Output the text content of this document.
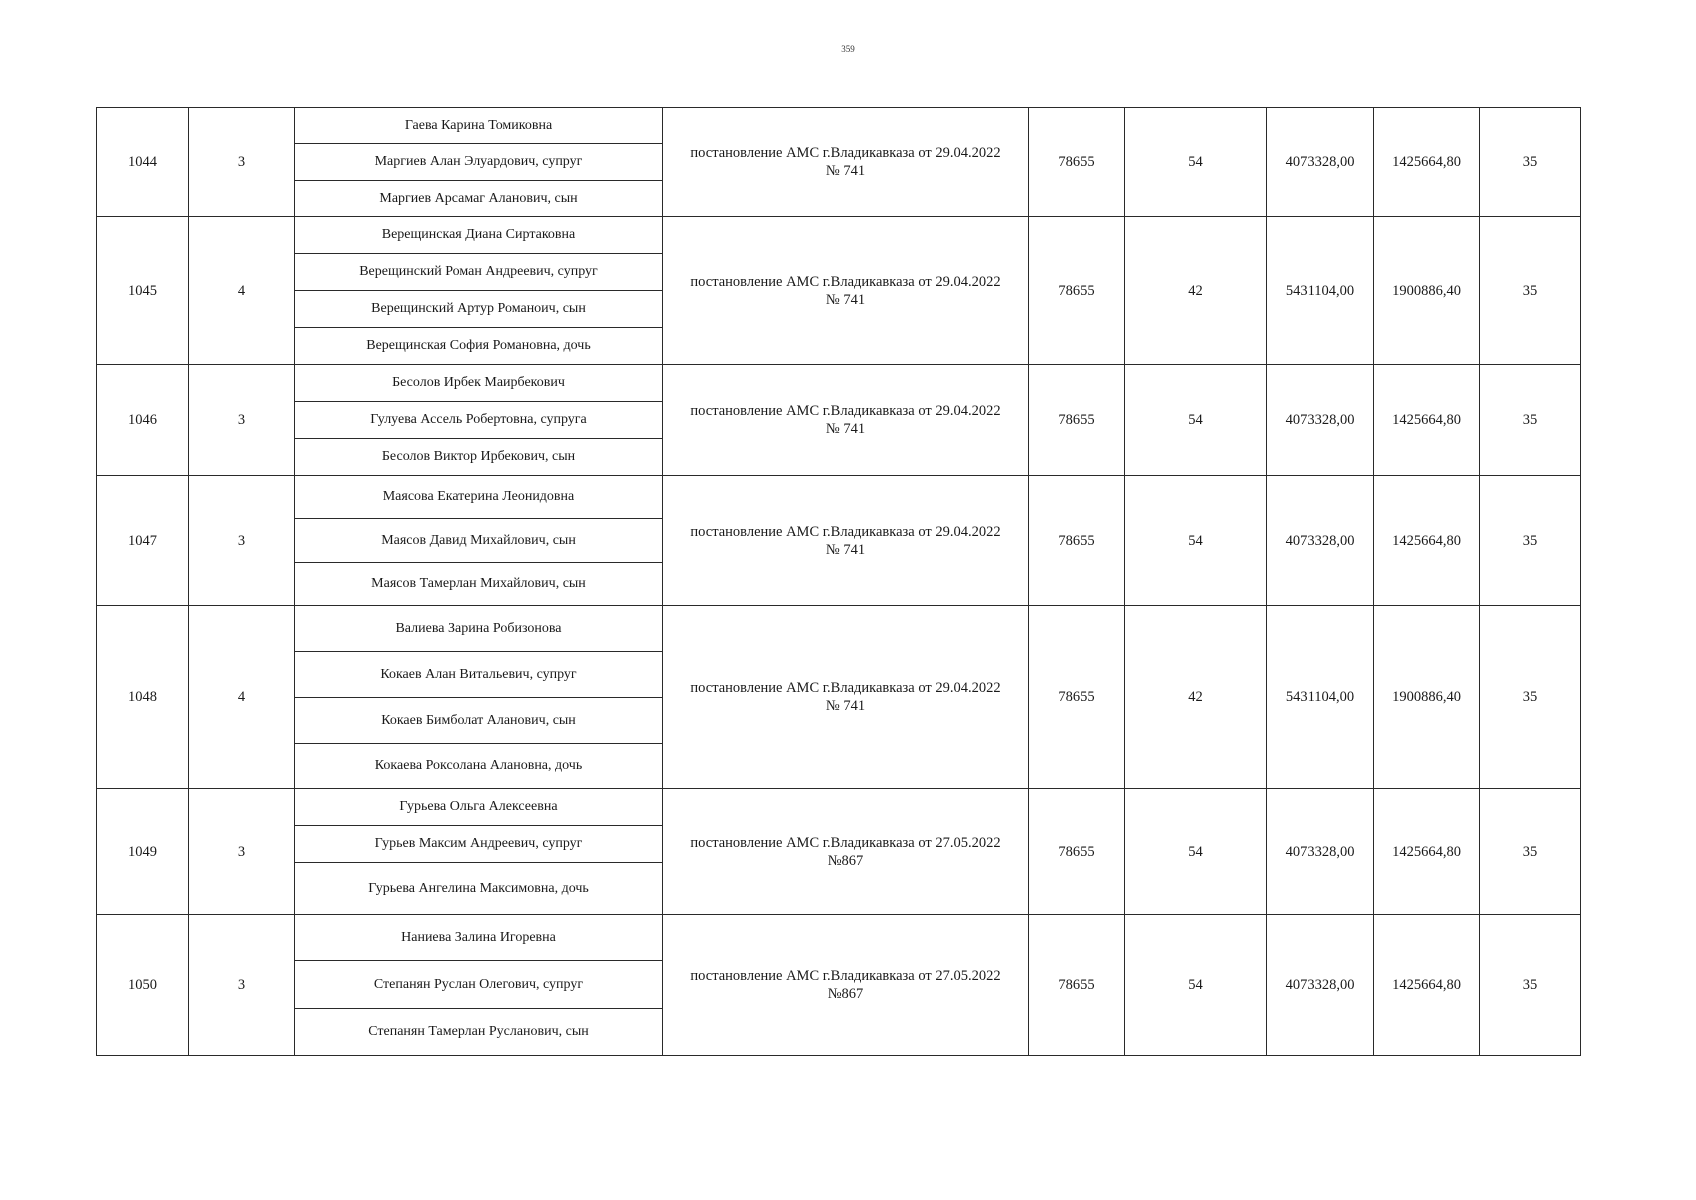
359
1044	3	Гаева Карина Томиковна	постановление АМС г.Владикавказа от 29.04.2022
№ 741	78655	54	4073328,00	1425664,80	35
		Маргиев Алан Элуардович, супруг						
		Маргиев Арсамаг Аланович, сын						
1045	4	Верещинская Диана Сиртаковна	постановление АМС г.Владикавказа от 29.04.2022
№ 741	78655	42	5431104,00	1900886,40	35
		Верещинский Роман Андреевич, супруг						
		Верещинский Артур Романоич, сын						
		Верещинская София Романовна, дочь						
1046	3	Бесолов Ирбек Маирбекович	постановление АМС г.Владикавказа от 29.04.2022
№ 741	78655	54	4073328,00	1425664,80	35
		Гулуева Ассель Робертовна, супруга						
		Бесолов Виктор Ирбекович, сын						
1047	3	Маясова Екатерина Леонидовна	постановление АМС г.Владикавказа от 29.04.2022
№ 741	78655	54	4073328,00	1425664,80	35
		Маясов Давид Михайлович, сын						
		Маясов Тамерлан Михайлович, сын						
1048	4	Валиева Зарина Робизонова	постановление АМС г.Владикавказа от 29.04.2022
№ 741	78655	42	5431104,00	1900886,40	35
		Кокаев Алан Витальевич, супруг						
		Кокаев Бимболат Аланович, сын						
		Кокаева Роксолана Алановна, дочь						
1049	3	Гурьева Ольга Алексеевна	постановление АМС г.Владикавказа от 27.05.2022
№867	78655	54	4073328,00	1425664,80	35
		Гурьев Максим Андреевич, супруг						
		Гурьева Ангелина Максимовна, дочь						
1050	3	Наниева Залина Игоревна	постановление АМС г.Владикавказа от 27.05.2022
№867	78655	54	4073328,00	1425664,80	35
		Степанян Руслан Олегович, супруг						
		Степанян Тамерлан Русланович, сын						
